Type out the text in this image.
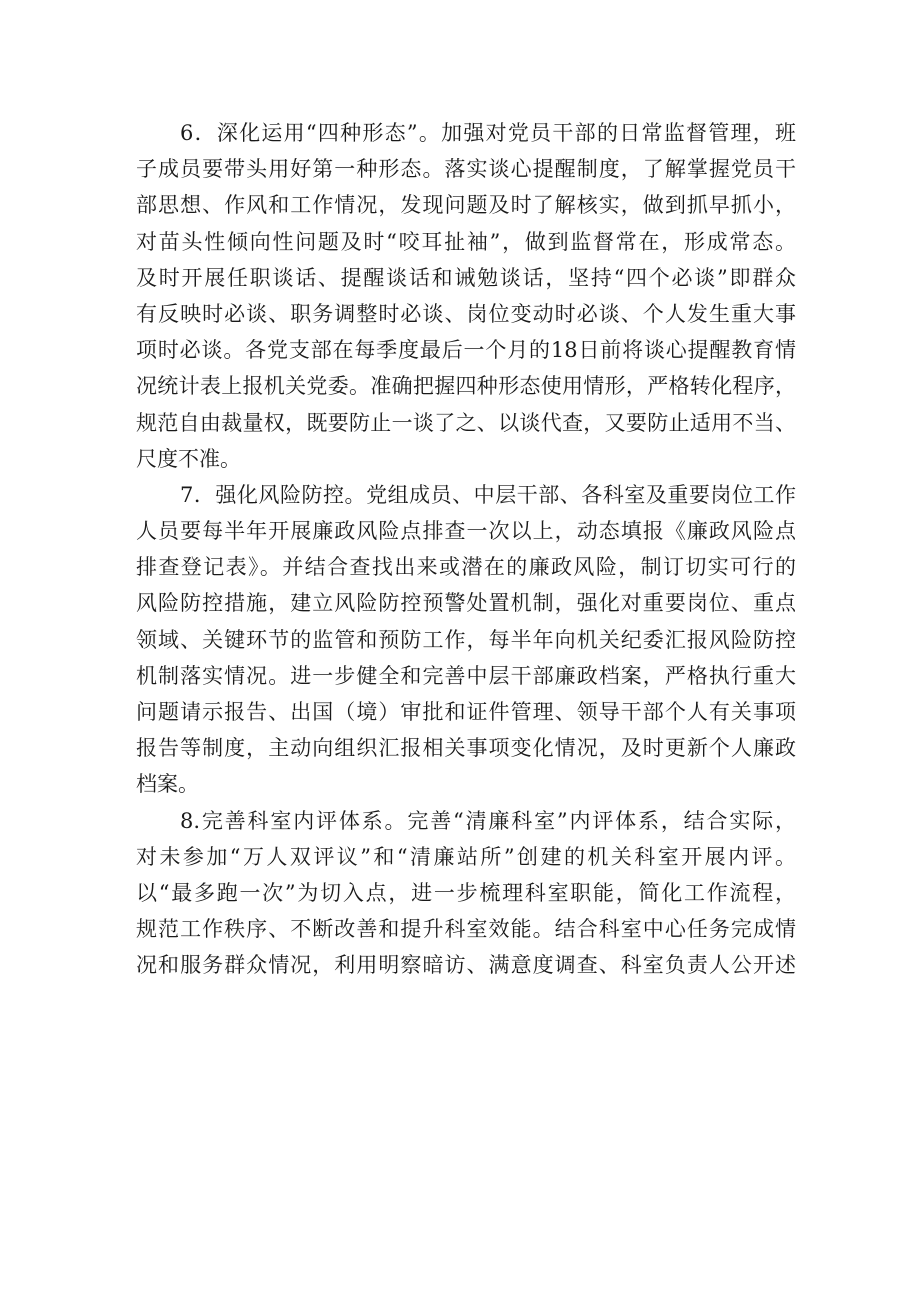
6．深化运用“四种形态”。加强对党员干部的日常监督管理，班
子成员要带头用好第一种形态。落实谈心提醒制度，了解掌握党员干
部思想、作风和工作情况，发现问题及时了解核实，做到抓早抓小，
对苗头性倾向性问题及时“咬耳扯袖”，做到监督常在，形成常态。
及时开展任职谈话、提醒谈话和诫勉谈话，坚持“四个必谈”即群众
有反映时必谈、职务调整时必谈、岗位变动时必谈、个人发生重大事
项时必谈。各党支部在每季度最后一个月的18日前将谈心提醒教育情
况统计表上报机关党委。准确把握四种形态使用情形，严格转化程序，
规范自由裁量权，既要防止一谈了之、以谈代查，又要防止适用不当、
尺度不准。
7．强化风险防控。党组成员、中层干部、各科室及重要岗位工作
人员要每半年开展廉政风险点排查一次以上，动态填报《廉政风险点
排查登记表》。并结合查找出来或潜在的廉政风险，制订切实可行的
风险防控措施，建立风险防控预警处置机制，强化对重要岗位、重点
领域、关键环节的监管和预防工作，每半年向机关纪委汇报风险防控
机制落实情况。进一步健全和完善中层干部廉政档案，严格执行重大
问题请示报告、出国（境）审批和证件管理、领导干部个人有关事项
报告等制度，主动向组织汇报相关事项变化情况，及时更新个人廉政
档案。
8.完善科室内评体系。完善“清廉科室”内评体系，结合实际，
对未参加“万人双评议”和“清廉站所”创建的机关科室开展内评。
以“最多跑一次”为切入点，进一步梳理科室职能，简化工作流程，
规范工作秩序、不断改善和提升科室效能。结合科室中心任务完成情
况和服务群众情况，利用明察暗访、满意度调查、科室负责人公开述
